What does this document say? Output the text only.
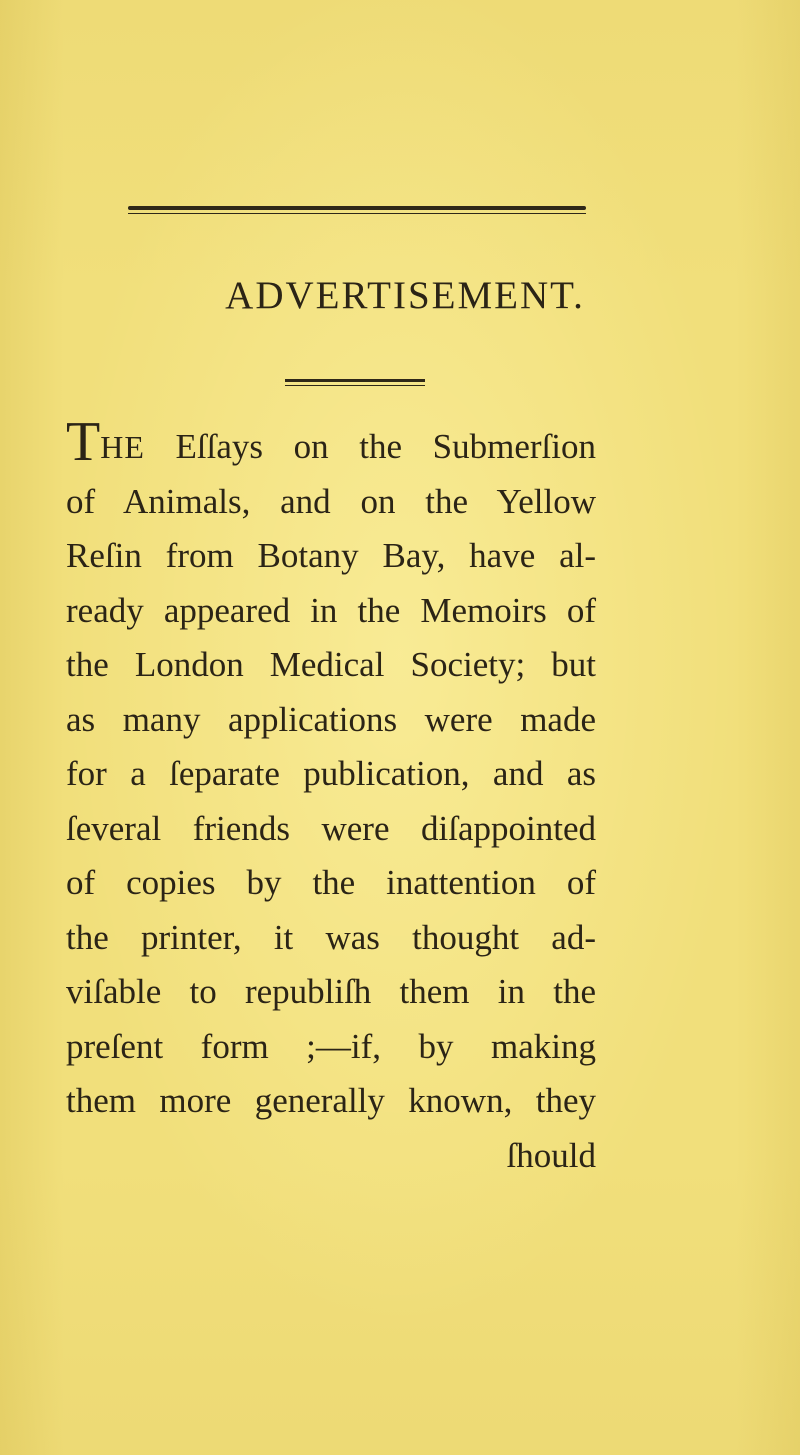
ADVERTISEMENT.
THE Eſſays on the Submerſion
of Animals, and on the Yellow
Reſin from Botany Bay, have al-
ready appeared in the Memoirs of
the London Medical Society; but
as many applications were made
for a ſeparate publication, and as
ſeveral friends were diſappointed
of copies by the inattention of
the printer, it was thought ad-
viſable to republiſh them in the
preſent form ;—if, by making
them more generally known, they
ſhould
